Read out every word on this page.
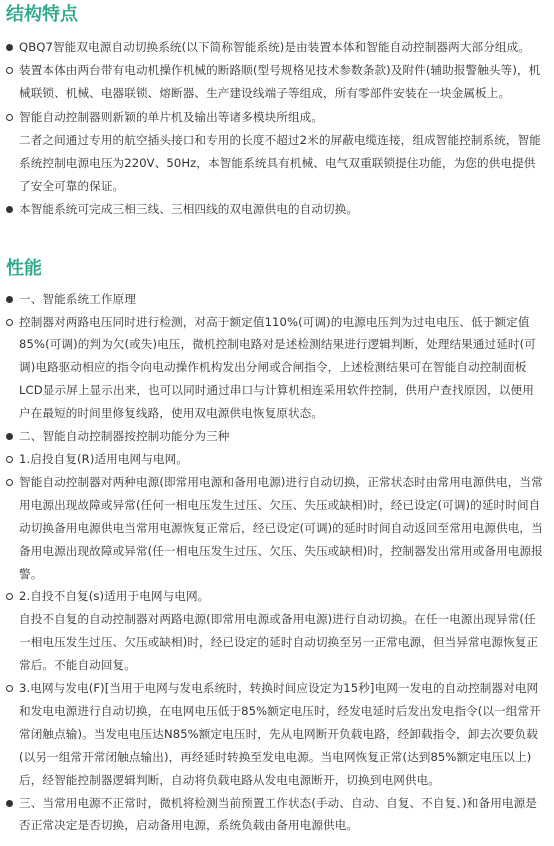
结构特点
QBQ7智能双电源自动切换系统(以下简称智能系统)是由装置本体和智能自动控制器两大部分组成。
装置本体由两台带有电动机操作机械的断路顺(型号规格见技术参数条款)及附件(辅助报警触头等)，机械联锁、机械、电器联锁、熔断器、生产建设线端子等组成，所有零部件安装在一块金属板上。
智能自动控制器则新颖的单片机及输出等诸多模块所组成。
二者之间通过专用的航空插头接口和专用的长度不超过2米的屏蔽电缆连接，组成智能控制系统，智能系统控制电源电压为220V、50Hz，本智能系统具有机械、电气双重联锁提住功能，为您的供电提供了安全可靠的保证。
本智能系统可完成三相三线、三相四线的双电源供电的自动切换。
性能
一、智能系统工作原理
控制器对两路电压同时进行检测，对高于额定值110%(可调)的电源电压判为过电电压、低于额定值85%(可调)的判为欠(或失)电压，微机控制电路对是述检测结果进行逻辑判断，处理结果通过延时(可调)电路驱动相应的指令向电动操作机构发出分闸或合闸指令，上述检测结果可在智能自动控制面板LCD显示屏上显示出来，也可以同时通过串口与计算机相连采用软件控制，供用户查找原因，以便用户在最短的时间里修复线路，使用双电源供电恢复原状态。
二、智能自动控制器按控制功能分为三种
1.启投自复(R)适用电网与电网。
智能自动控制器对两种电源(即常用电源和备用电源)进行自动切换，正常状态时由常用电源供电，当常用电源出现故障或异常(任何一相电压发生过压、欠压、失压或缺相)时，经已设定(可调)的延时时间自动切换备用电源供电当常用电源恢复正常后，经已设定(可调)的延时时间自动返回至常用电源供电，当备用电源出现故障或异常(任一相电压发生过压、欠压、失压或缺相)时，控制器发出常用或备用电源报警。
2.自投不自复(s)适用于电网与电网。
自投不自复的自动控制器对两路电源(即常用电源或备用电源)进行自动切换。在任一电源出现异常(任一相电压发生过压、欠压或缺相)时，经已设定的延时自动切换至另一正常电源，但当异常电源恢复正常后。不能自动回复。
3.电网与发电(F)[当用于电网与发电系统时，转换时间应设定为15秒]电网一发电的自动控制器对电网和发电电源进行自动切换，在电网电压低于85%额定电压时，经发电延时后发出发电指令(以一组常开常闭触点输)。当发电电压达N85%额定电压时，先从电网断开负载电路，经卸载指令，卸去次要负载(以另一组常开常闭触点输出)，再经延时转换至发电电源。当电网恢复正常(达到85%额定电压以上)后，经智能控制器逻辑判断，自动将负载电路从发电电源断开，切换到电网供电。
三、当常用电源不正常时，微机将检测当前预置工作状态(手动、自动、自复、不自复、)和备用电源是否正常决定是否切换，启动备用电源，系统负载由备用电源供电。
